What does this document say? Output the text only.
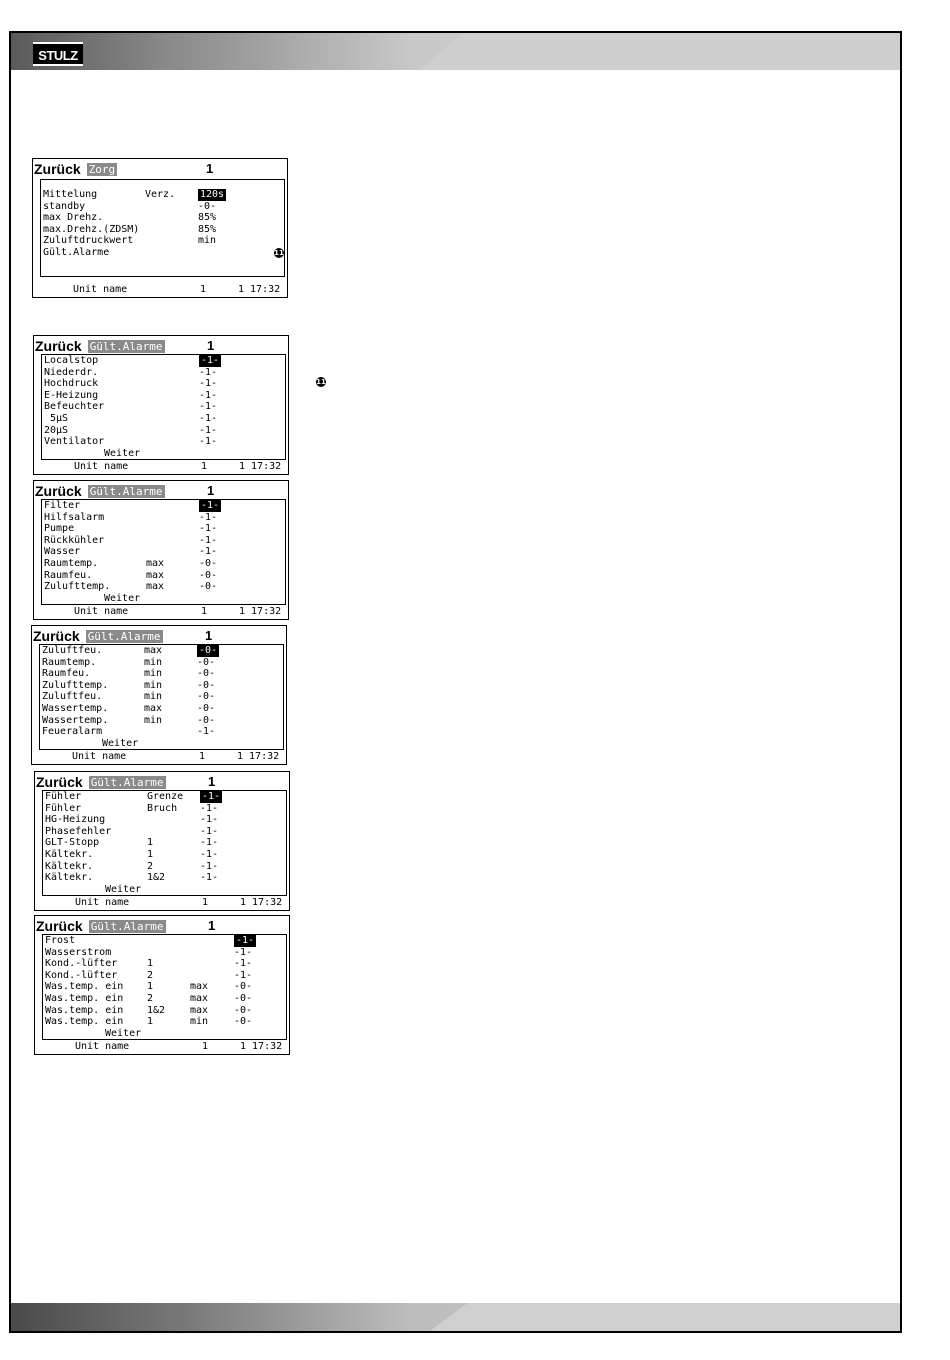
STULZ
11
Zurück Zorg	1
Mittelung	Verz. 120s
standby	-0-
max Drehz.	85%
max.Drehz.(ZDSM)	85%
Zuluftdruckwert	min
Gült.Alarme	11
Unit name	1	1 17:32
Zurück Gült.Alarme	1
Localstop	-1-
Niederdr.	-1-
Hochdruck	-1-
E-Heizung	-1-
Befeuchter	-1-
5µS	-1-
20µS	-1-
Ventilator	-1-
Weiter
Unit name	1	1 17:32
Zurück Gült.Alarme	1
Filter	-1-
Hilfsalarm	-1-
Pumpe	-1-
Rückkühler	-1-
Wasser	-1-
Raumtemp.	max	-0-
Raumfeu.	max	-0-
Zulufttemp.	max	-0-
Weiter
Unit name	1	1 17:32
Zurück Gült.Alarme	1
Zuluftfeu.	max	-0-
Raumtemp.	min	-0-
Raumfeu.	min	-0-
Zulufttemp.	min	-0-
Zuluftfeu.	min	-0-
Wassertemp.	max	-0-
Wassertemp.	min	-0-
Feueralarm	-1-
Weiter
Unit name	1	1 17:32
Zurück Gült.Alarme	1
Fühler	Grenze -1-
Fühler	Bruch -1-
HG-Heizung	-1-
Phasefehler	-1-
GLT-Stopp	1	-1-
Kältekr.	1	-1-
Kältekr.	2	-1-
Kältekr.	1&2	-1-
Weiter
Unit name	1	1 17:32
Zurück Gült.Alarme	1
Frost	-1-
Wasserstrom	-1-
Kond.-lüfter	1	-1-
Kond.-lüfter	2	-1-
Was.temp. ein 1	max	-0-
Was.temp. ein 2	max	-0-
Was.temp. ein 1&2 max	-0-
Was.temp. ein 1	min	-0-
Weiter
Unit name	1	1 17:32
